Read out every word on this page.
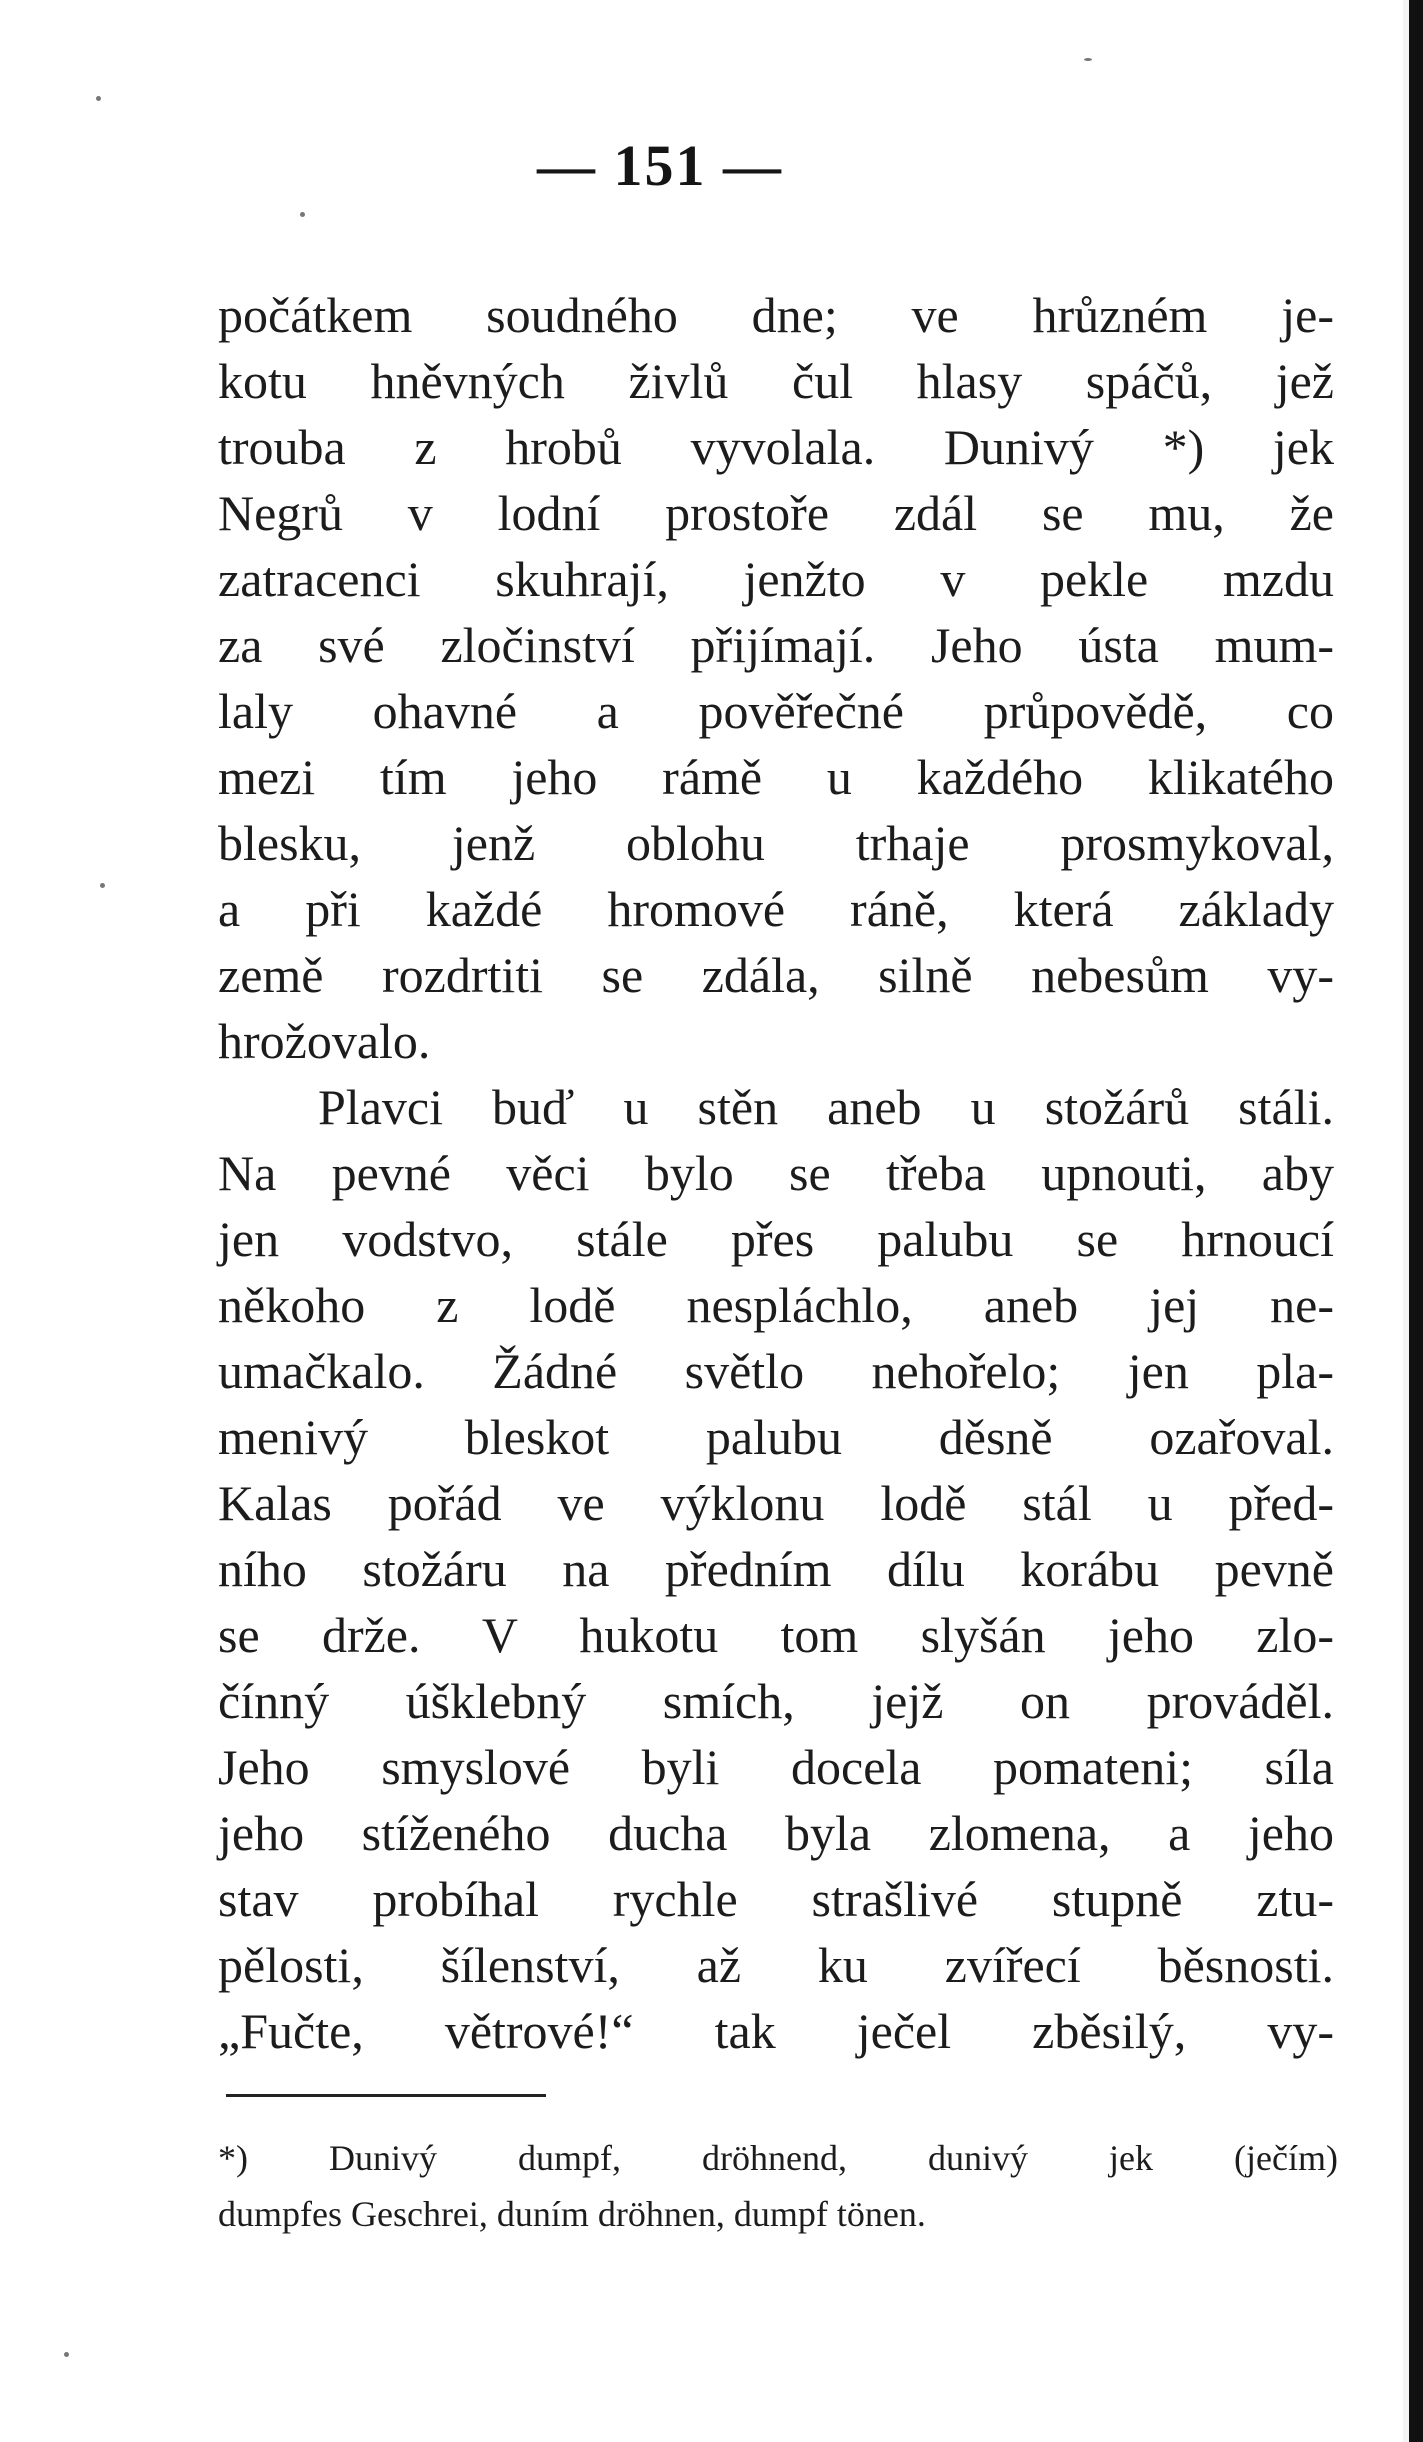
— 151 —
počátkem soudného dne; ve hrůzném je-
kotu hněvných živlů čul hlasy spáčů, jež
trouba z hrobů vyvolala. Dunivý *) jek
Negrů v lodní prostoře zdál se mu, že
zatracenci skuhrají, jenžto v pekle mzdu
za své zločinství přijímají. Jeho ústa mum-
laly ohavné a pověřečné průpovědě, co
mezi tím jeho rámě u každého klikatého
blesku, jenž oblohu trhaje prosmykoval,
a při každé hromové ráně, která základy
země rozdrtiti se zdála, silně nebesům vy-
hrožovalo.
Plavci buď u stěn aneb u stožárů stáli.
Na pevné věci bylo se třeba upnouti, aby
jen vodstvo, stále přes palubu se hrnoucí
někoho z lodě nespláchlo, aneb jej ne-
umačkalo. Žádné světlo nehořelo; jen pla-
menivý bleskot palubu děsně ozařoval.
Kalas pořád ve výklonu lodě stál u před-
ního stožáru na předním dílu korábu pevně
se drže. V hukotu tom slyšán jeho zlo-
čínný úšklebný smích, jejž on prováděl.
Jeho smyslové byli docela pomateni; síla
jeho stíženého ducha byla zlomena, a jeho
stav probíhal rychle strašlivé stupně ztu-
pělosti, šílenství, až ku zvířecí běsnosti.
„Fučte, větrové!“ tak ječel zběsilý, vy-
*) Dunivý dumpf, dröhnend, dunivý jek (ječím)
dumpfes Geschrei, duním dröhnen, dumpf tönen.
